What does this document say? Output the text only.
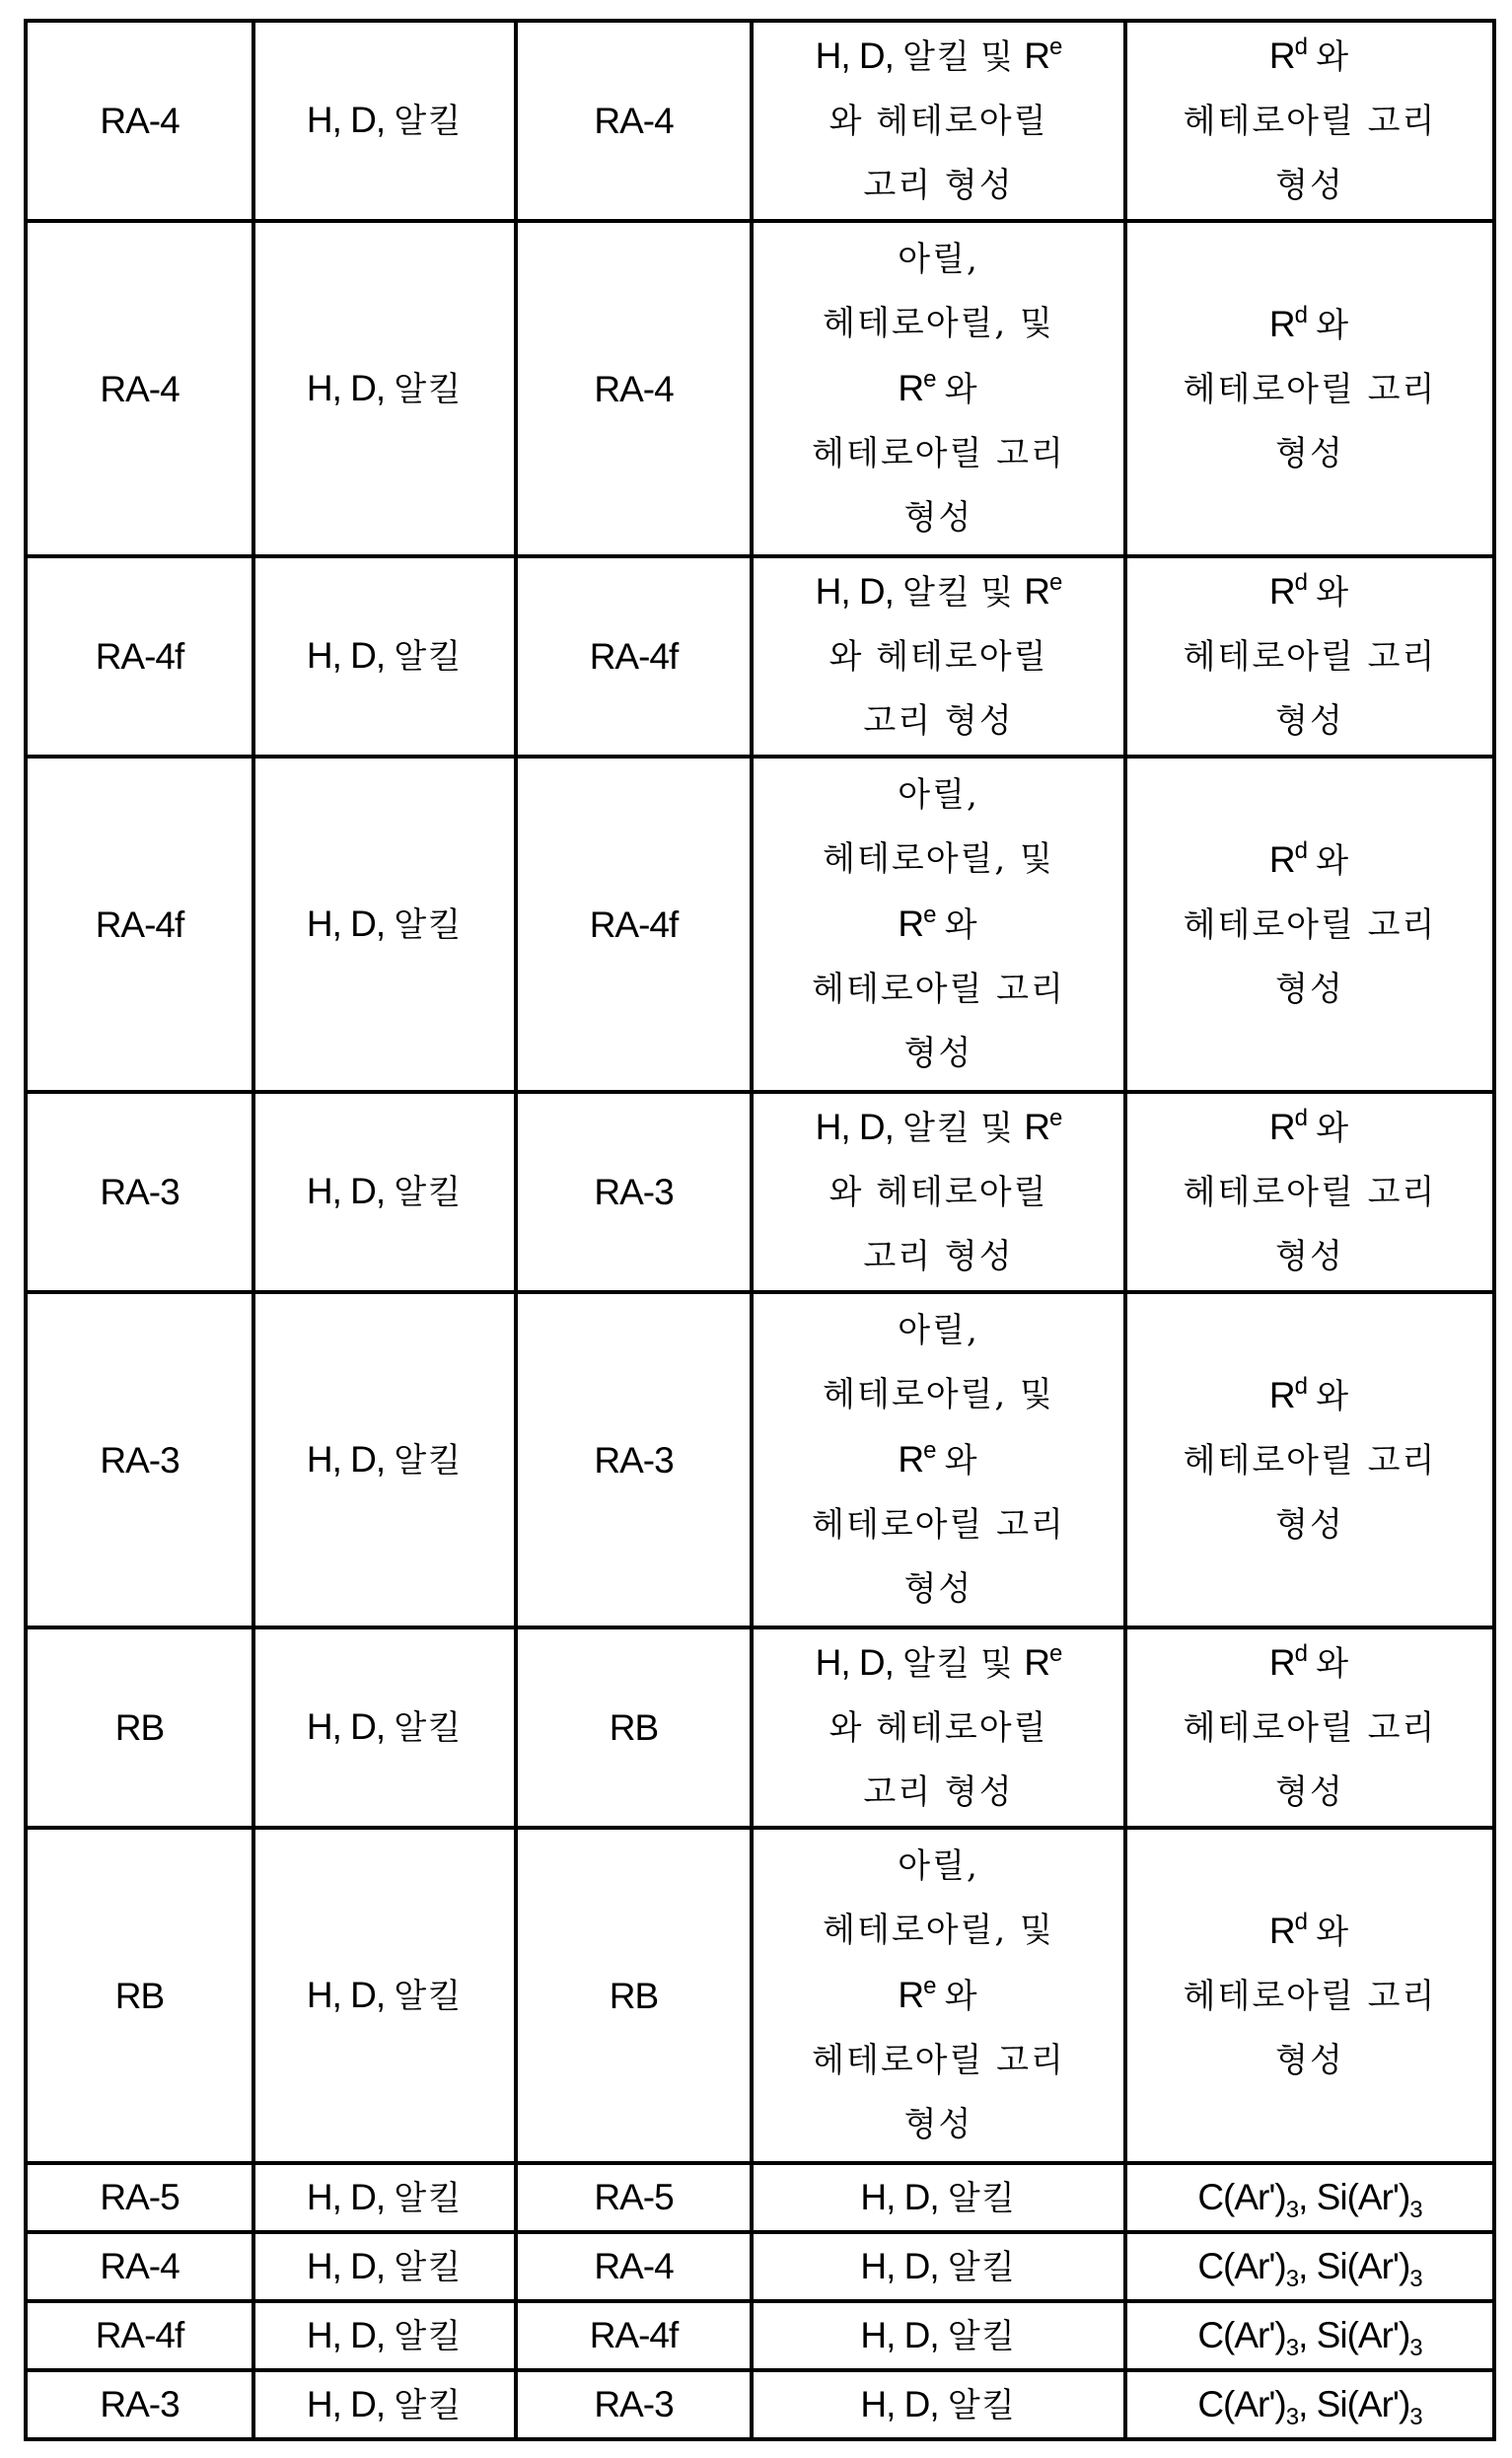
RA-4	H, D, 알킬	RA-4	H, D, 알킬 및 $R^e$
와 헤테로아릴
고리 형성	$R^d$ 와
헤테로아릴 고리
형성

RA-4	H, D, 알킬	RA-4	아릴,
헤테로아릴, 및
$R^e$ 와
헤테로아릴 고리
형성	$R^d$ 와
헤테로아릴 고리
형성

RA-4f	H, D, 알킬	RA-4f	H, D, 알킬 및 $R^e$
와 헤테로아릴
고리 형성	$R^d$ 와
헤테로아릴 고리
형성

RA-4f	H, D, 알킬	RA-4f	아릴,
헤테로아릴, 및
$R^e$ 와
헤테로아릴 고리
형성	$R^d$ 와
헤테로아릴 고리
형성

RA-3	H, D, 알킬	RA-3	H, D, 알킬 및 $R^e$
와 헤테로아릴
고리 형성	$R^d$ 와
헤테로아릴 고리
형성

RA-3	H, D, 알킬	RA-3	아릴,
헤테로아릴, 및
$R^e$ 와
헤테로아릴 고리
형성	$R^d$ 와
헤테로아릴 고리
형성

RB	H, D, 알킬	RB	H, D, 알킬 및 $R^e$
와 헤테로아릴
고리 형성	$R^d$ 와
헤테로아릴 고리
형성

RB	H, D, 알킬	RB	아릴,
헤테로아릴, 및
$R^e$ 와
헤테로아릴 고리
형성	$R^d$ 와
헤테로아릴 고리
형성

RA-5	H, D, 알킬	RA-5	H, D, 알킬	$C(Ar')_3$, $Si(Ar')_3$
RA-4	H, D, 알킬	RA-4	H, D, 알킬	$C(Ar')_3$, $Si(Ar')_3$
RA-4f	H, D, 알킬	RA-4f	H, D, 알킬	$C(Ar')_3$, $Si(Ar')_3$
RA-3	H, D, 알킬	RA-3	H, D, 알킬	$C(Ar')_3$, $Si(Ar')_3$
